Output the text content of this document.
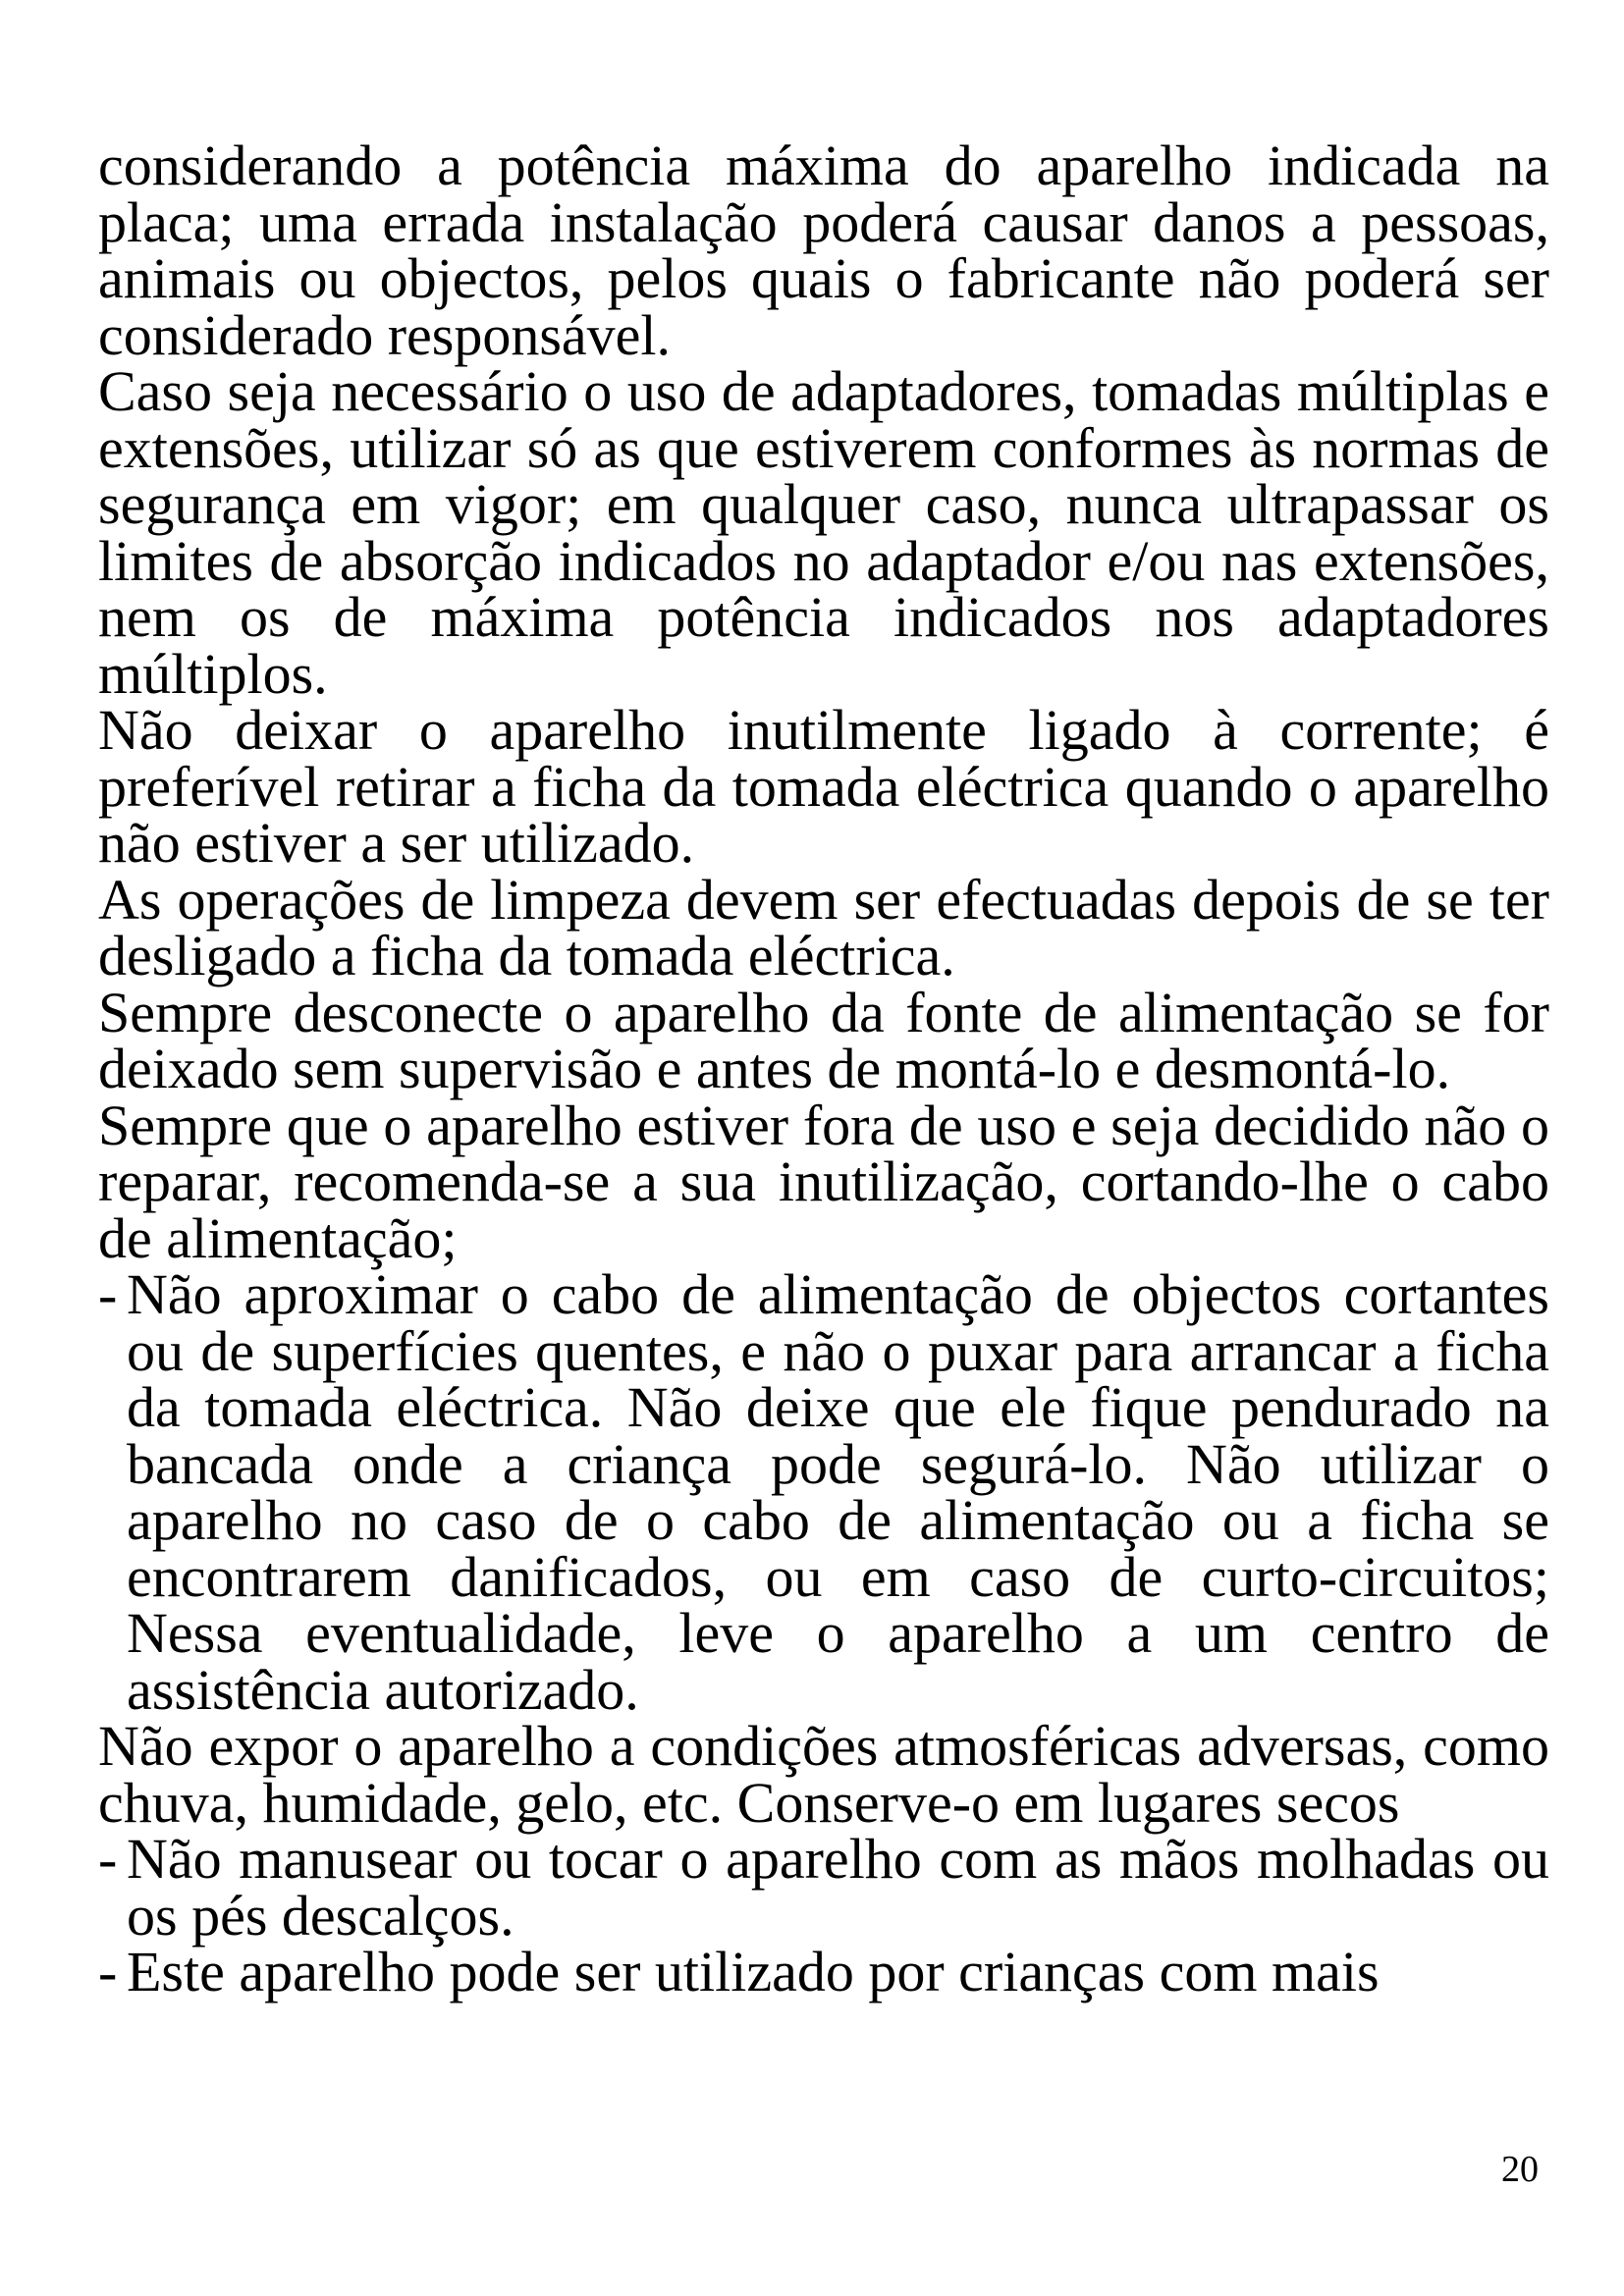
considerando a potência máxima do aparelho indicada na placa; uma errada instalação poderá causar danos a pessoas, animais ou objectos, pelos quais o fabricante não poderá ser considerado responsável.

Caso seja necessário o uso de adaptadores, tomadas múltiplas e extensões, utilizar só as que estiverem conformes às normas de segurança em vigor; em qualquer caso, nunca ultrapassar os limites de absorção indicados no adaptador e/ou nas extensões, nem os de máxima potência indicados nos adaptadores múltiplos.

Não deixar o aparelho inutilmente ligado à corrente; é preferível retirar a ficha da tomada eléctrica quando o aparelho não estiver a ser utilizado.

As operações de limpeza devem ser efectuadas depois de se ter desligado a ficha da tomada eléctrica.

Sempre desconecte o aparelho da fonte de alimentação se for deixado sem supervisão e antes de montá-lo e desmontá-lo.

Sempre que o aparelho estiver fora de uso e seja decidido não o reparar, recomenda-se a sua inutilização, cortando-lhe o cabo de alimentação;

- Não aproximar o cabo de alimentação de objectos cortantes ou de superfícies quentes, e não o puxar para arrancar a ficha da tomada eléctrica. Não deixe que ele fique pendurado na bancada onde a criança pode segurá-lo. Não utilizar o aparelho no caso de o cabo de alimentação ou a ficha se encontrarem danificados, ou em caso de curto-circuitos; Nessa eventualidade, leve o aparelho a um centro de assistência autorizado.

Não expor o aparelho a condições atmosféricas adversas, como chuva, humidade, gelo, etc. Conserve-o em lugares secos

- Não manusear ou tocar o aparelho com as mãos molhadas ou os pés descalços.
- Este aparelho pode ser utilizado por crianças com mais
20
